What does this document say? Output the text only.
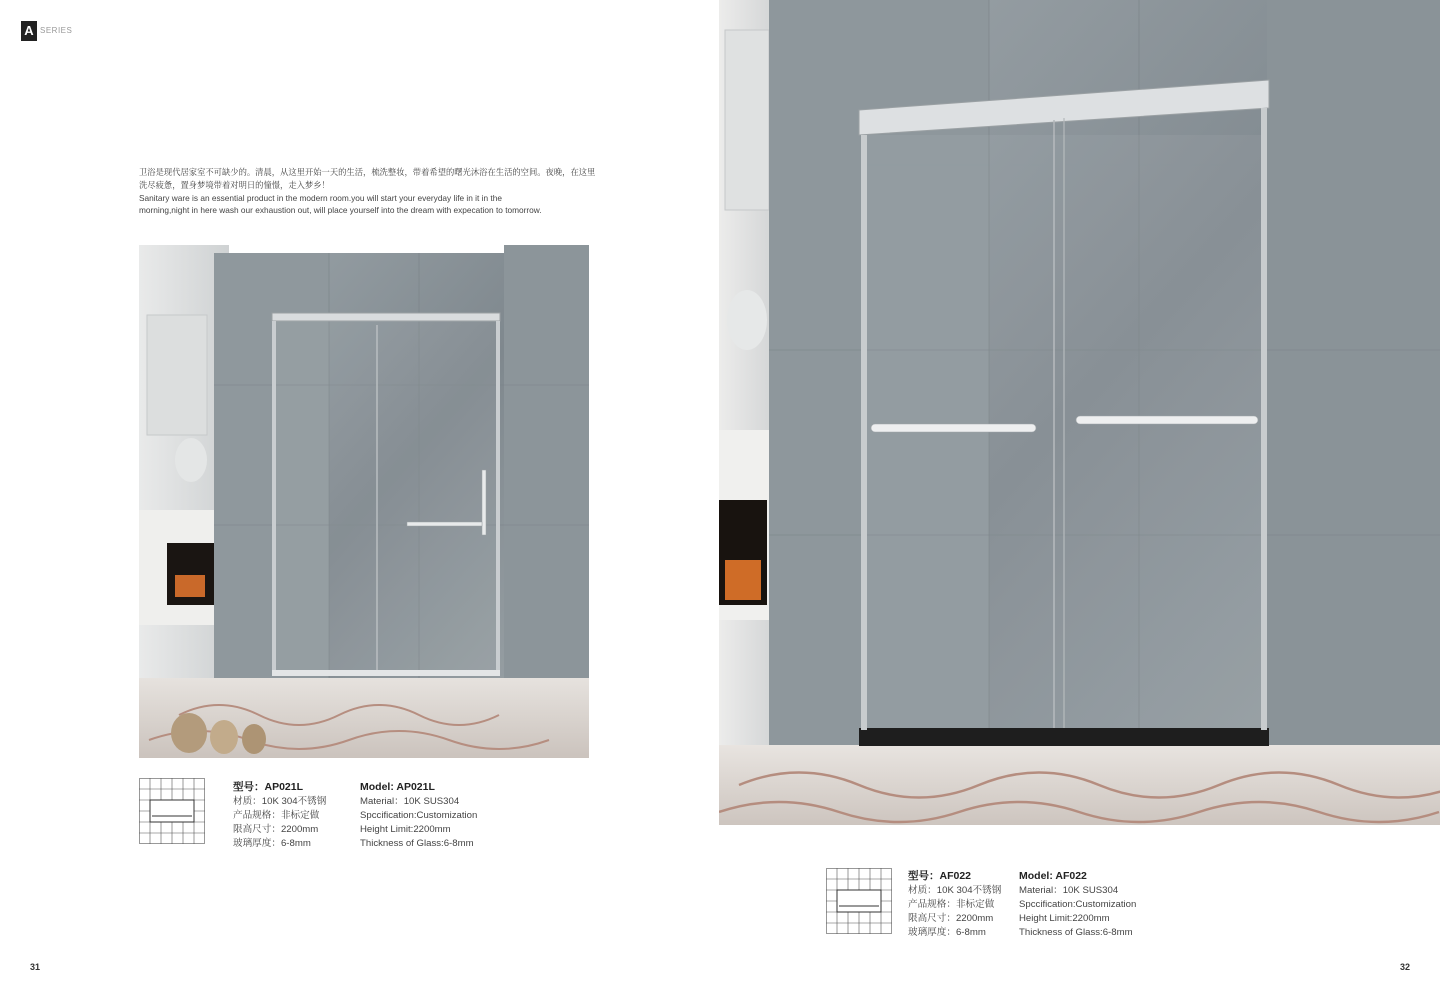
A SERIES
卫浴是现代居家室不可缺少的。清晨，从这里开始一天的生活，梳洗整妆，带着希望的曙光沐浴在生活的空间。夜晚，在这里
洗尽疲惫，置身梦境带着对明日的憧憬，走入梦乡！
Sanitary ware is an essential product in the modern room.you will start your everyday life in it in the
morning,night in here wash our exhaustion out, will place yourself into the dream with expecation to tomorrow.
型号：AP021L
材质：10K 304不锈钢
产品规格：非标定做
限高尺寸：2200mm
玻璃厚度：6-8mm
Model: AP021L
Material：10K SUS304
Spccification:Customization
Height Limit:2200mm
Thickness of Glass:6-8mm
型号：AF022
材质：10K 304不锈钢
产品规格：非标定做
限高尺寸：2200mm
玻璃厚度：6-8mm
Model: AF022
Material：10K SUS304
Spccification:Customization
Height Limit:2200mm
Thickness of Glass:6-8mm
31	32
